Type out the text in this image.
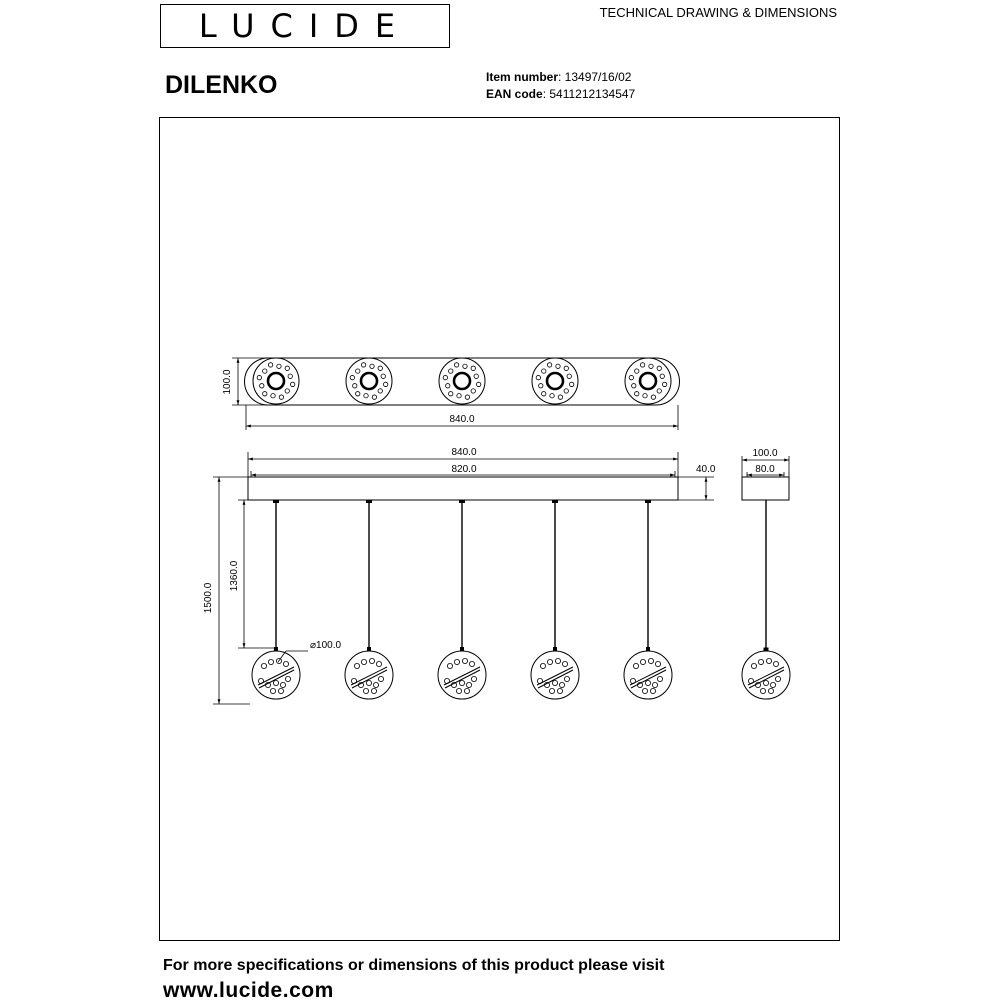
LUCIDE	TECHNICAL DRAWING & DIMENSIONS
DILENKO	Item number: 13497/16/02
EAN code: 5411212134547
100.0
840.0
840.0
820.0	40.0
1360.0
1500.0
⌀100.0
100.0
80.0
For more specifications or dimensions of this product please visit
www.lucide.com
